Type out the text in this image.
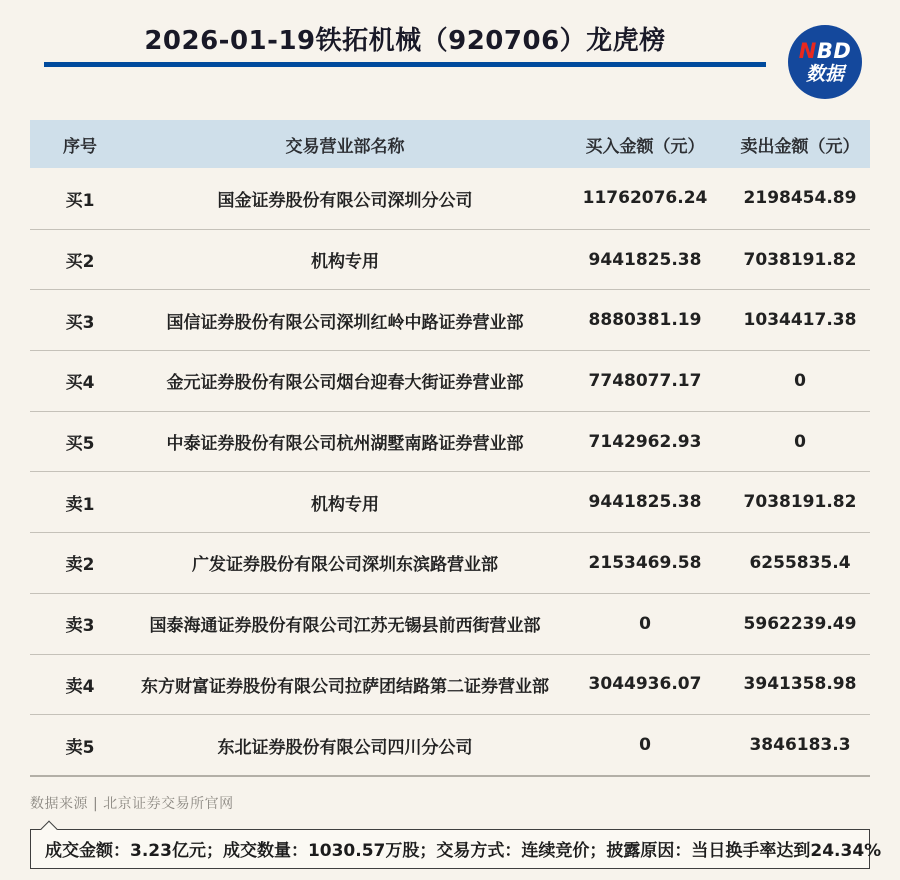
2026-01-19铁拓机械（920706）龙虎榜	NBD
数据
序号	交易营业部名称	买入金额（元）	卖出金额（元）
买1	国金证券股份有限公司深圳分公司	11762076.24	2198454.89
买2	机构专用	9441825.38	7038191.82
买3	国信证券股份有限公司深圳红岭中路证券营业部	8880381.19	1034417.38
买4	金元证券股份有限公司烟台迎春大街证券营业部	7748077.17	0
买5	中泰证券股份有限公司杭州湖墅南路证券营业部	7142962.93	0
卖1	机构专用	9441825.38	7038191.82
卖2	广发证券股份有限公司深圳东滨路营业部	2153469.58	6255835.4
卖3	国泰海通证券股份有限公司江苏无锡县前西街营业部	0	5962239.49
卖4	东方财富证券股份有限公司拉萨团结路第二证券营业部	3044936.07	3941358.98
卖5	东北证券股份有限公司四川分公司	0	3846183.3
数据来源 | 北京证券交易所官网
成交金额：3.23亿元；成交数量：1030.57万股；交易方式：连续竞价；披露原因：当日换手率达到24.34%
